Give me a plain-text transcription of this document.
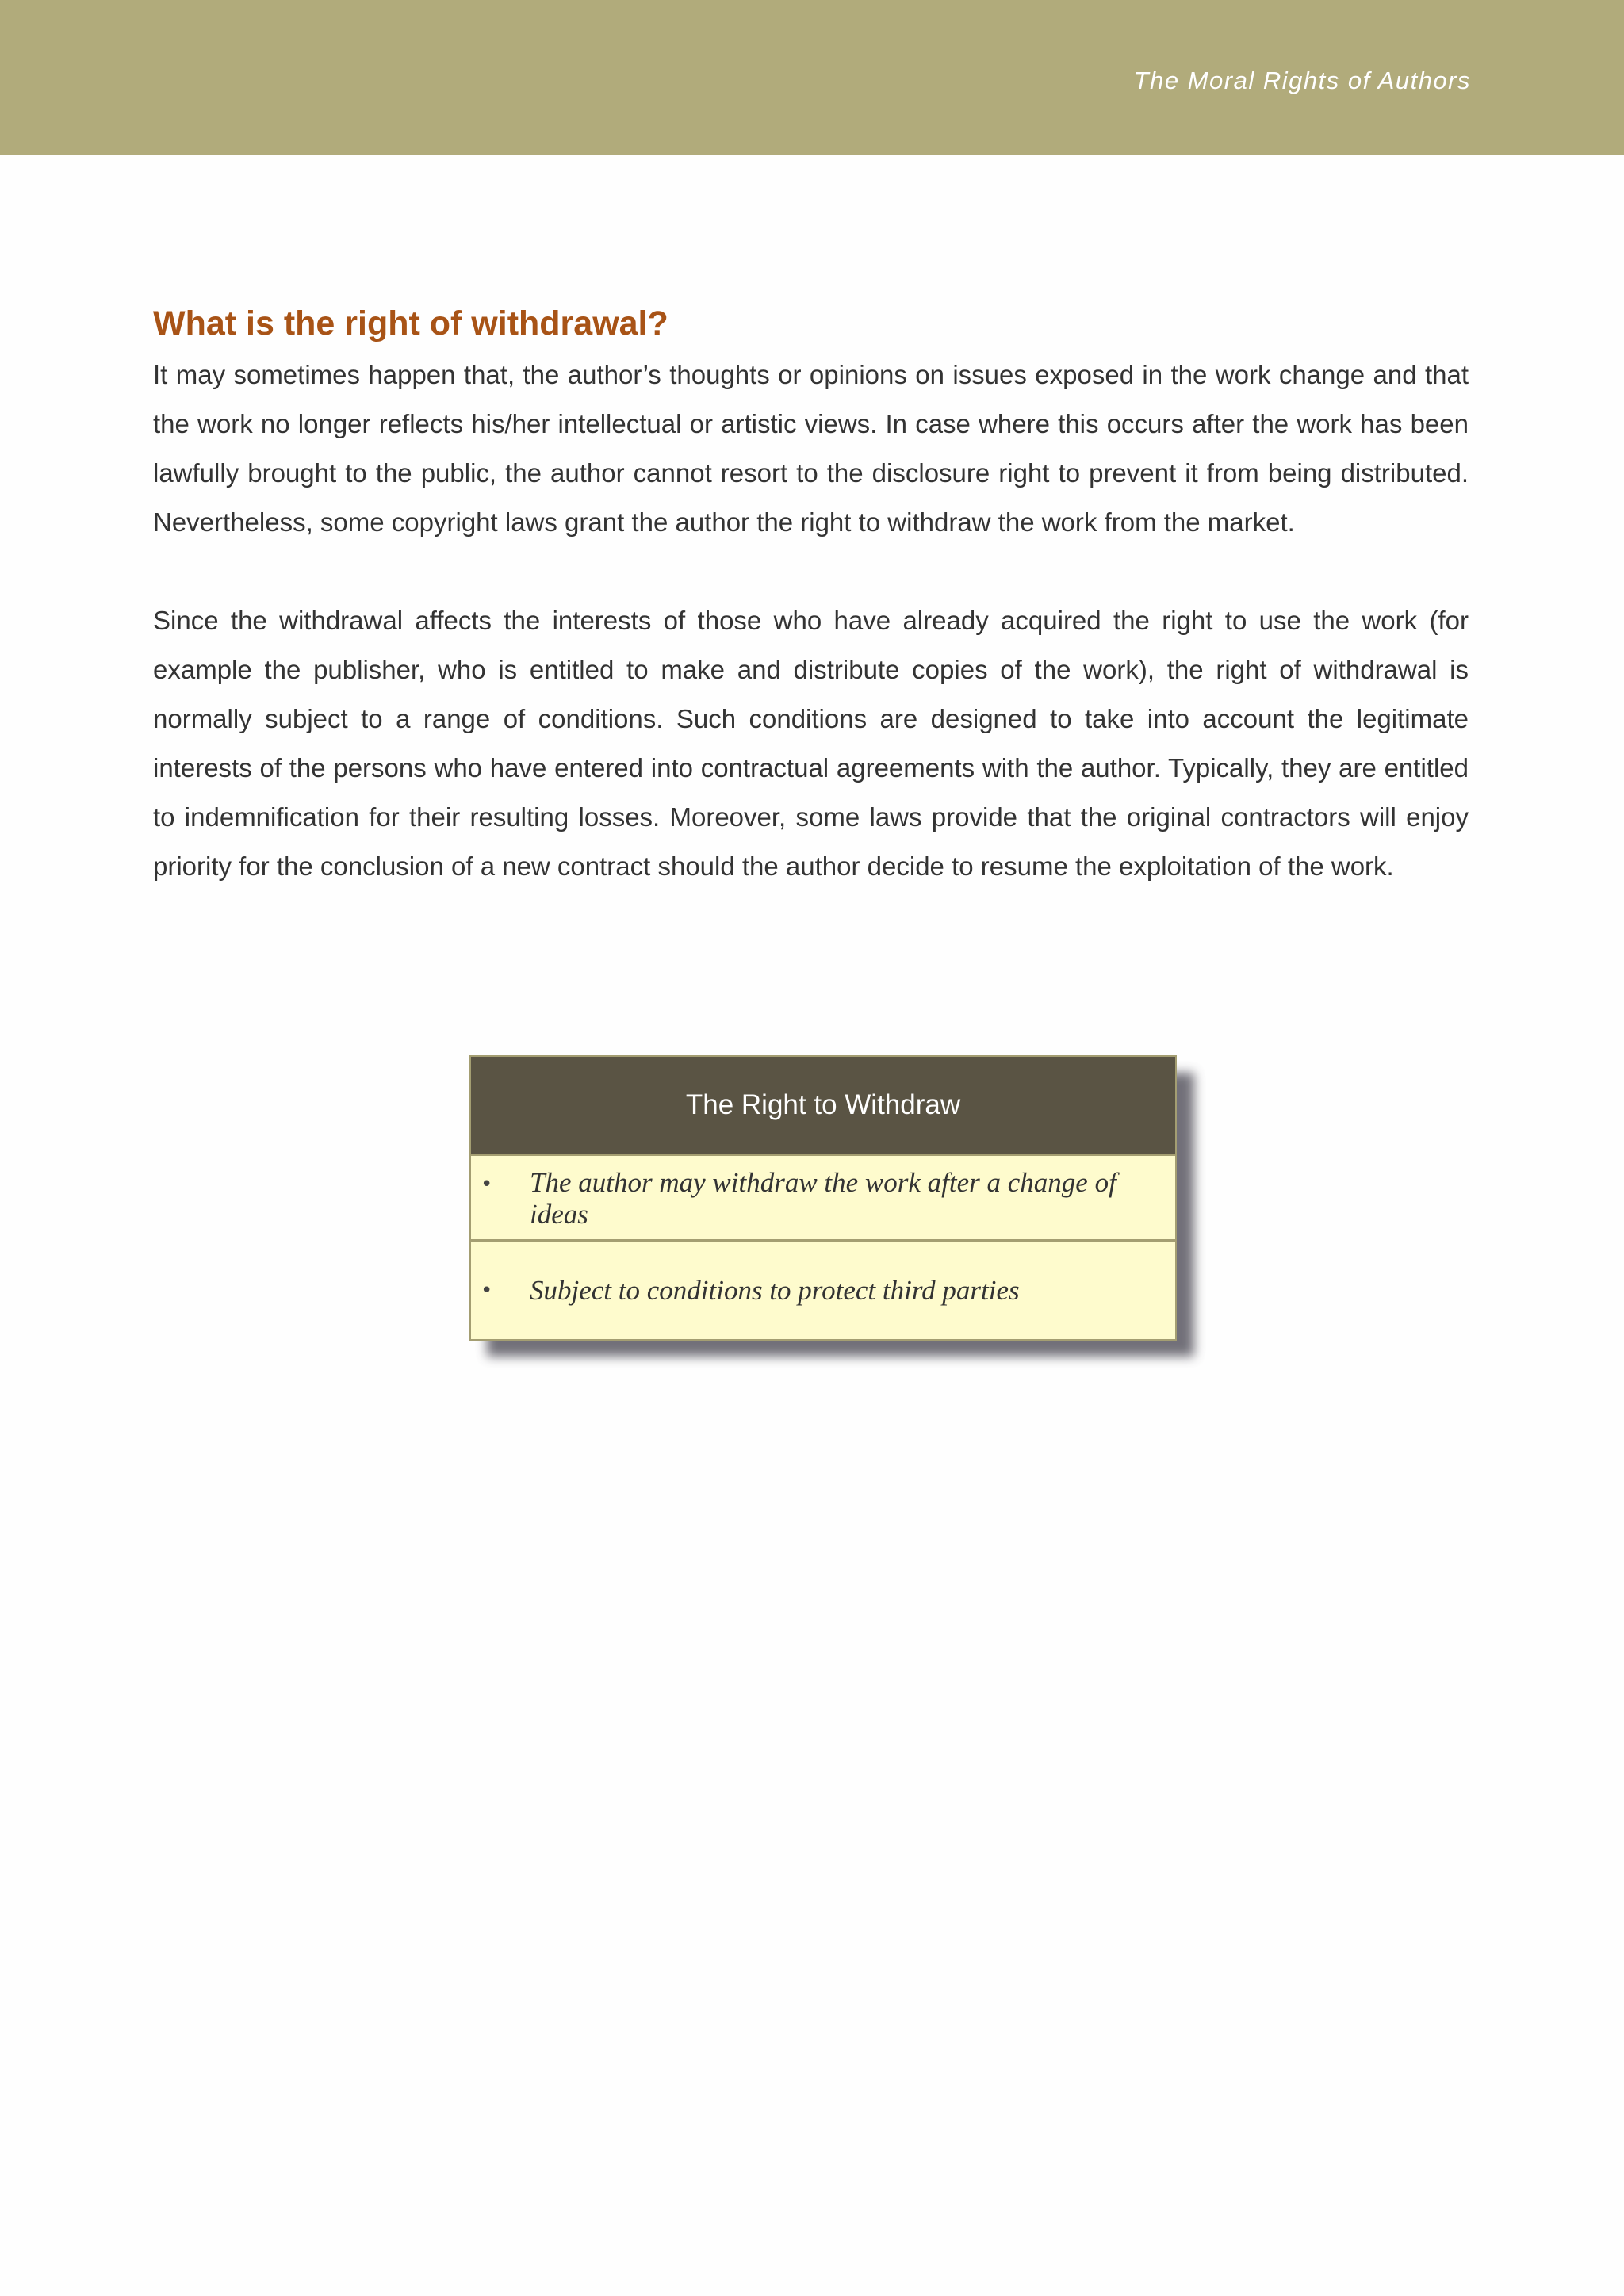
The Moral Rights of Authors
What is the right of withdrawal?

It may sometimes happen that, the author’s thoughts or opinions on issues exposed in the work change and that the work no longer reflects his/her intellectual or artistic views. In case where this occurs after the work has been lawfully brought to the public, the author cannot resort to the disclosure right to prevent it from being distributed. Nevertheless, some copyright laws grant the author the right to withdraw the work from the market.

Since the withdrawal affects the interests of those who have already acquired the right to use the work (for example the publisher, who is entitled to make and distribute copies of the work), the right of withdrawal is normally subject to a range of conditions. Such conditions are designed to take into account the legitimate interests of the persons who have entered into contractual agreements with the author. Typically, they are entitled to indemnification for their resulting losses. Moreover, some laws provide that the original contractors will enjoy priority for the conclusion of a new contract should the author decide to resume the exploitation of the work.

The Right to Withdraw
• The author may withdraw the work after a change of ideas
• Subject to conditions to protect third parties
